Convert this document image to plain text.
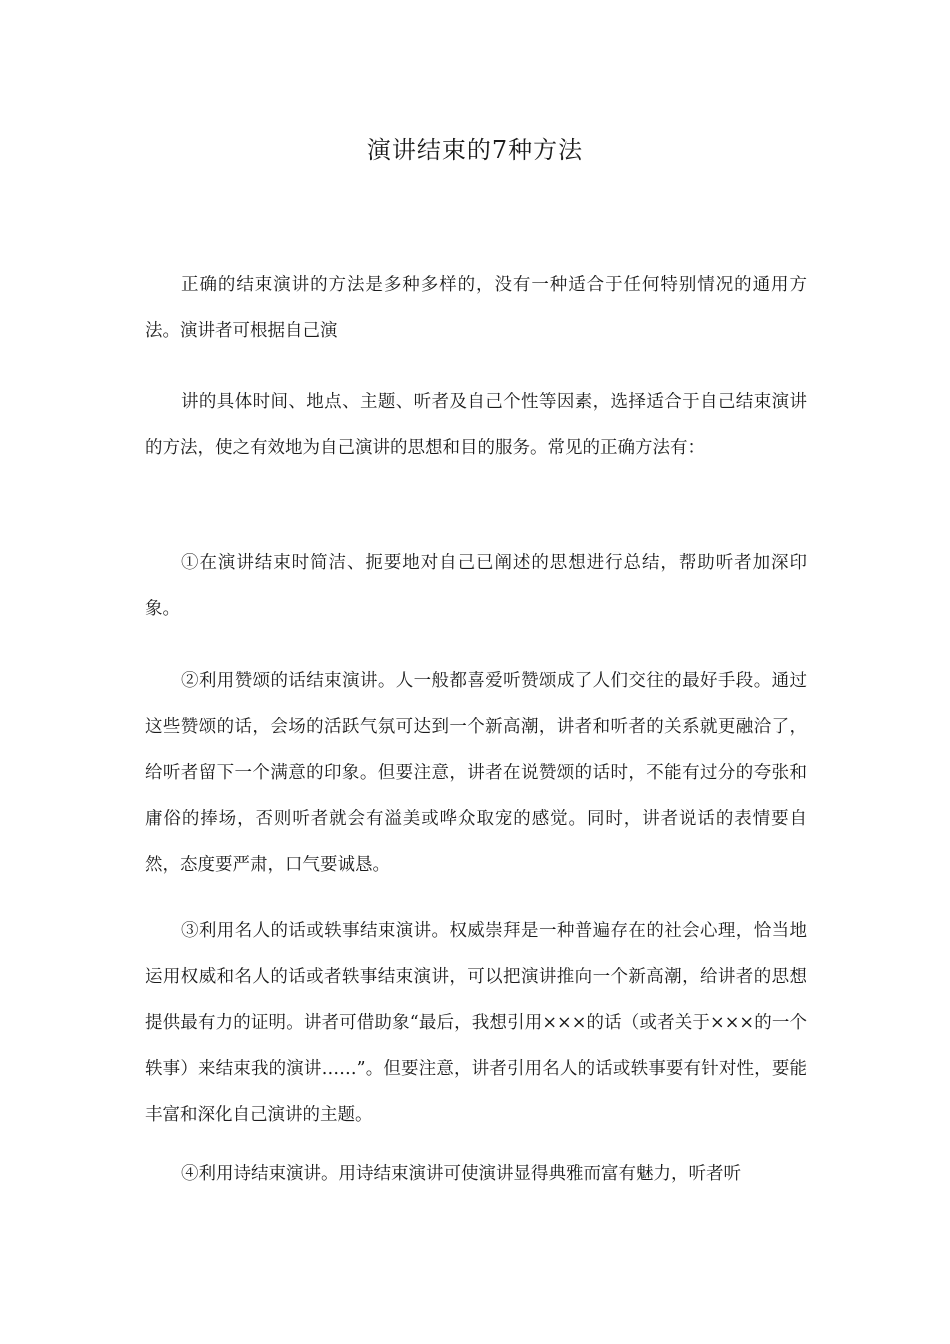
演讲结束的7种方法

正确的结束演讲的方法是多种多样的，没有一种适合于任何特别情况的通用方法。演讲者可根据自己演

讲的具体时间、地点、主题、听者及自己个性等因素，选择适合于自己结束演讲的方法，使之有效地为自己演讲的思想和目的服务。常见的正确方法有：

①在演讲结束时简洁、扼要地对自己已阐述的思想进行总结，帮助听者加深印象。

②利用赞颂的话结束演讲。人一般都喜爱听赞颂成了人们交往的最好手段。通过这些赞颂的话，会场的活跃气氛可达到一个新高潮，讲者和听者的关系就更融洽了，给听者留下一个满意的印象。但要注意，讲者在说赞颂的话时，不能有过分的夸张和庸俗的捧场，否则听者就会有溢美或哗众取宠的感觉。同时，讲者说话的表情要自然，态度要严肃，口气要诚恳。

③利用名人的话或轶事结束演讲。权威崇拜是一种普遍存在的社会心理，恰当地运用权威和名人的话或者轶事结束演讲，可以把演讲推向一个新高潮，给讲者的思想提供最有力的证明。讲者可借助象“最后，我想引用×××的话（或者关于×××的一个轶事）来结束我的演讲……”。但要注意，讲者引用名人的话或轶事要有针对性，要能丰富和深化自己演讲的主题。

④利用诗结束演讲。用诗结束演讲可使演讲显得典雅而富有魅力，听者听
